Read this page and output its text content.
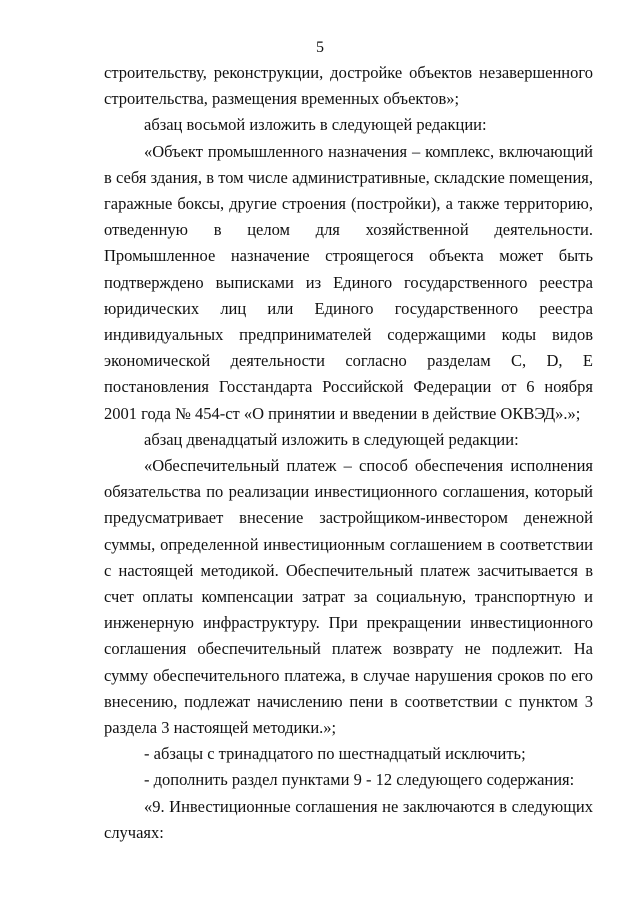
5

строительству, реконструкции, достройке объектов незавершенного строительства, размещения временных объектов»;

абзац восьмой изложить в следующей редакции:

«Объект промышленного назначения – комплекс, включающий в себя здания, в том числе административные, складские помещения, гаражные боксы, другие строения (постройки), а также территорию, отведенную в целом для хозяйственной деятельности. Промышленное назначение строящегося объекта может быть подтверждено выписками из Единого государственного реестра юридических лиц или Единого государственного реестра индивидуальных предпринимателей содержащими коды видов экономической деятельности согласно разделам C, D, E постановления Госстандарта Российской Федерации от 6 ноября 2001 года № 454-ст «О принятии и введении в действие ОКВЭД».»;

абзац двенадцатый изложить в следующей редакции:

«Обеспечительный платеж – способ обеспечения исполнения обязательства по реализации инвестиционного соглашения, который предусматривает внесение застройщиком-инвестором денежной суммы, определенной инвестиционным соглашением в соответствии с настоящей методикой. Обеспечительный платеж засчитывается в счет оплаты компенсации затрат за социальную, транспортную и инженерную инфраструктуру. При прекращении инвестиционного соглашения обеспечительный платеж возврату не подлежит. На сумму обеспечительного платежа, в случае нарушения сроков по его внесению, подлежат начислению пени в соответствии с пунктом 3 раздела 3 настоящей методики.»;

- абзацы с тринадцатого по шестнадцатый исключить;

- дополнить раздел пунктами 9 - 12 следующего содержания:

«9. Инвестиционные соглашения не заключаются в следующих случаях:
